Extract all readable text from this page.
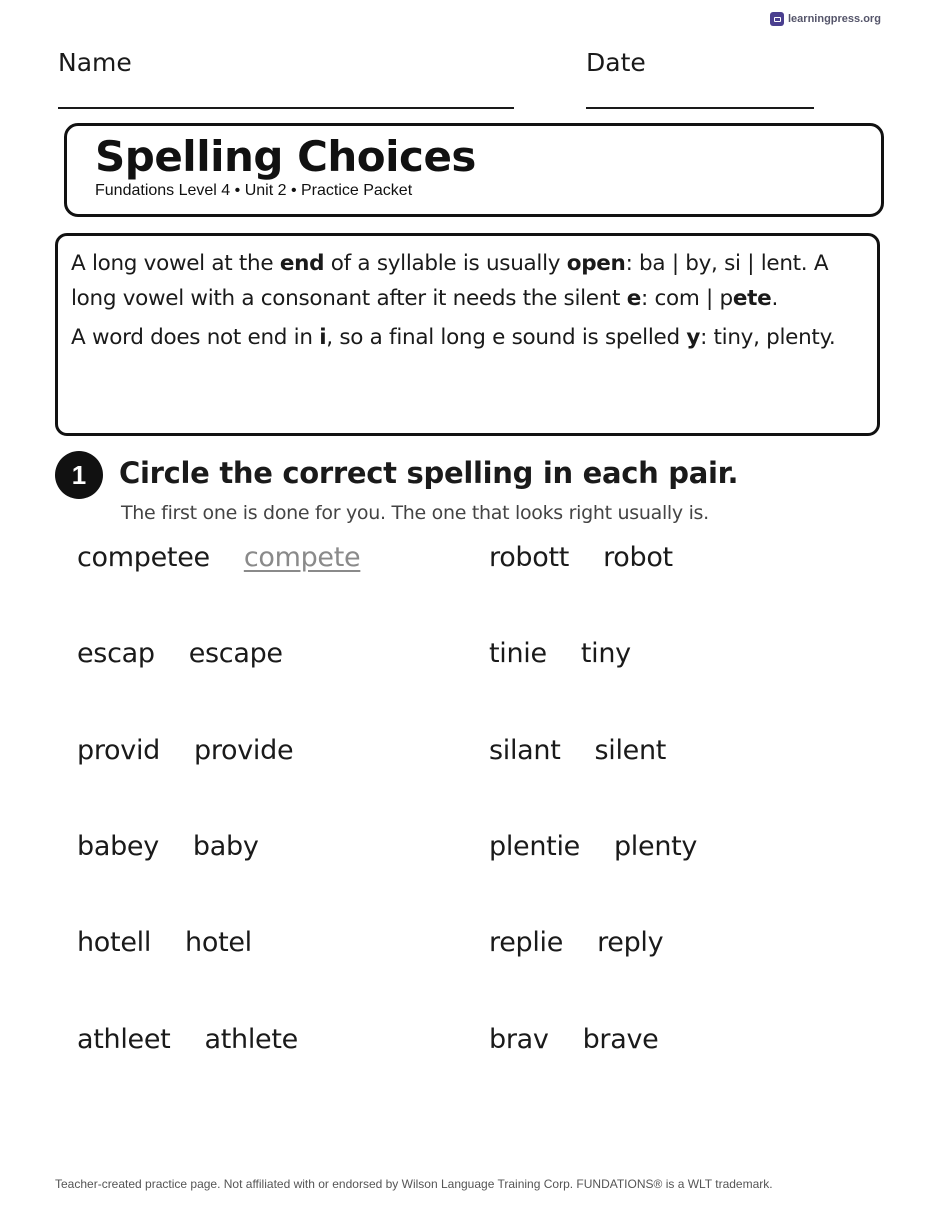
learningpress.org
Name	Date
Spelling Choices
Fundations Level 4 • Unit 2 • Practice Packet

A long vowel at the end of a syllable is usually open: ba | by, si | lent. A long vowel with a consonant after it needs the silent e: com | pete.

A word does not end in i, so a final long e sound is spelled y: tiny, plenty.

1	Circle the correct spelling in each pair.
The first one is done for you. The one that looks right usually is.
competee compete
escap escape
provid provide
babey baby
hotell hotel
athleet athlete
robott robot
tinie tiny
silant silent
plentie plenty
replie reply
brav brave
Teacher-created practice page. Not affiliated with or endorsed by Wilson Language Training Corp. FUNDATIONS® is a WLT trademark.
